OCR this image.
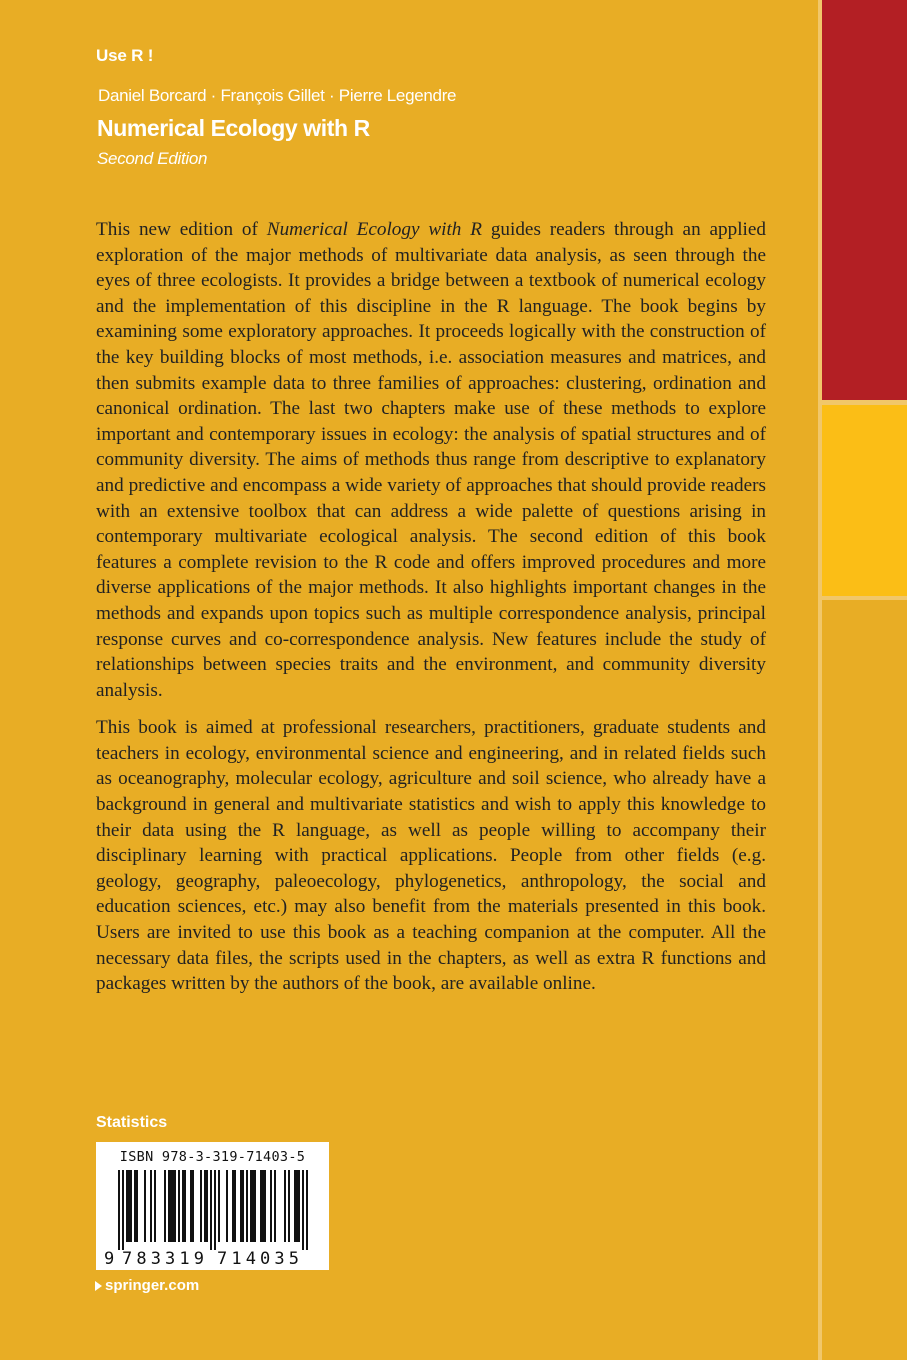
Use R !
Daniel Borcard · François Gillet · Pierre Legendre
Numerical Ecology with R
Second Edition

This new edition of Numerical Ecology with R guides readers through an applied exploration of the major methods of multivariate data analysis, as seen through the eyes of three ecologists. It provides a bridge between a textbook of numerical ecology and the implementation of this discipline in the R language. The book begins by examining some exploratory approaches. It proceeds logically with the construction of the key building blocks of most methods, i.e. association measures and matrices, and then submits example data to three families of approaches: clustering, ordination and canonical ordination. The last two chapters make use of these methods to explore important and contemporary issues in ecology: the analysis of spatial structures and of community diversity. The aims of methods thus range from descriptive to explanatory and predictive and encompass a wide variety of approaches that should provide readers with an extensive toolbox that can address a wide palette of questions arising in contemporary multivariate ecological analysis. The second edition of this book features a complete revision to the R code and offers improved procedures and more diverse applications of the major methods. It also highlights important changes in the methods and expands upon topics such as multiple correspondence analysis, principal response curves and co-correspondence analysis. New features include the study of relationships between species traits and the environment, and community diversity analysis.

This book is aimed at professional researchers, practitioners, graduate students and teachers in ecology, environmental science and engineering, and in related fields such as oceanography, molecular ecology, agriculture and soil science, who already have a background in general and multivariate statistics and wish to apply this knowledge to their data using the R language, as well as people willing to accompany their disciplinary learning with practical applications. People from other fields (e.g. geology, geography, paleoecology, phylogenetics, anthropology, the social and education sciences, etc.) may also benefit from the materials presented in this book. Users are invited to use this book as a teaching companion at the computer. All the necessary data files, the scripts used in the chapters, as well as extra R functions and packages written by the authors of the book, are available online.

Statistics
ISBN 978-3-319-71403-5
9 783319 714035
springer.com
